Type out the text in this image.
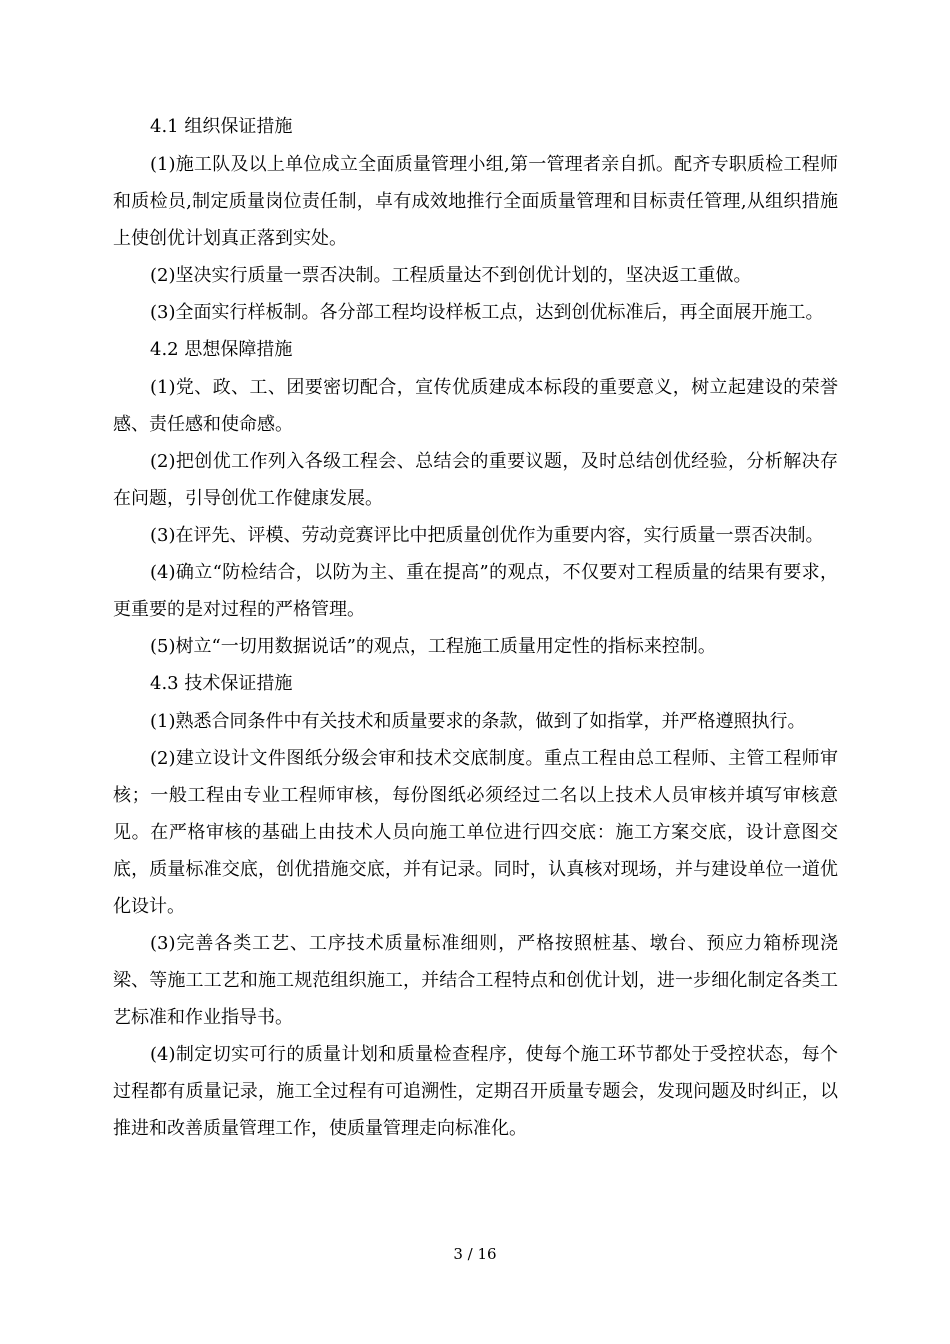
4.1 组织保证措施

(1)施工队及以上单位成立全面质量管理小组,第一管理者亲自抓。配齐专职质检工程师和质检员,制定质量岗位责任制，卓有成效地推行全面质量管理和目标责任管理,从组织措施上使创优计划真正落到实处。

(2)坚决实行质量一票否决制。工程质量达不到创优计划的，坚决返工重做。

(3)全面实行样板制。各分部工程均设样板工点，达到创优标准后，再全面展开施工。

4.2 思想保障措施

(1)党、政、工、团要密切配合，宣传优质建成本标段的重要意义，树立起建设的荣誉感、责任感和使命感。

(2)把创优工作列入各级工程会、总结会的重要议题，及时总结创优经验，分析解决存在问题，引导创优工作健康发展。

(3)在评先、评模、劳动竞赛评比中把质量创优作为重要内容，实行质量一票否决制。

(4)确立“防检结合，以防为主、重在提高”的观点，不仅要对工程质量的结果有要求，更重要的是对过程的严格管理。

(5)树立“一切用数据说话”的观点，工程施工质量用定性的指标来控制。

4.3 技术保证措施

(1)熟悉合同条件中有关技术和质量要求的条款，做到了如指掌，并严格遵照执行。

(2)建立设计文件图纸分级会审和技术交底制度。重点工程由总工程师、主管工程师审核；一般工程由专业工程师审核，每份图纸必须经过二名以上技术人员审核并填写审核意见。在严格审核的基础上由技术人员向施工单位进行四交底：施工方案交底，设计意图交底，质量标准交底，创优措施交底，并有记录。同时，认真核对现场，并与建设单位一道优化设计。

(3)完善各类工艺、工序技术质量标准细则，严格按照桩基、墩台、预应力箱桥现浇梁、等施工工艺和施工规范组织施工，并结合工程特点和创优计划，进一步细化制定各类工艺标准和作业指导书。

(4)制定切实可行的质量计划和质量检查程序，使每个施工环节都处于受控状态，每个过程都有质量记录，施工全过程有可追溯性，定期召开质量专题会，发现问题及时纠正，以推进和改善质量管理工作，使质量管理走向标准化。

3 / 16
